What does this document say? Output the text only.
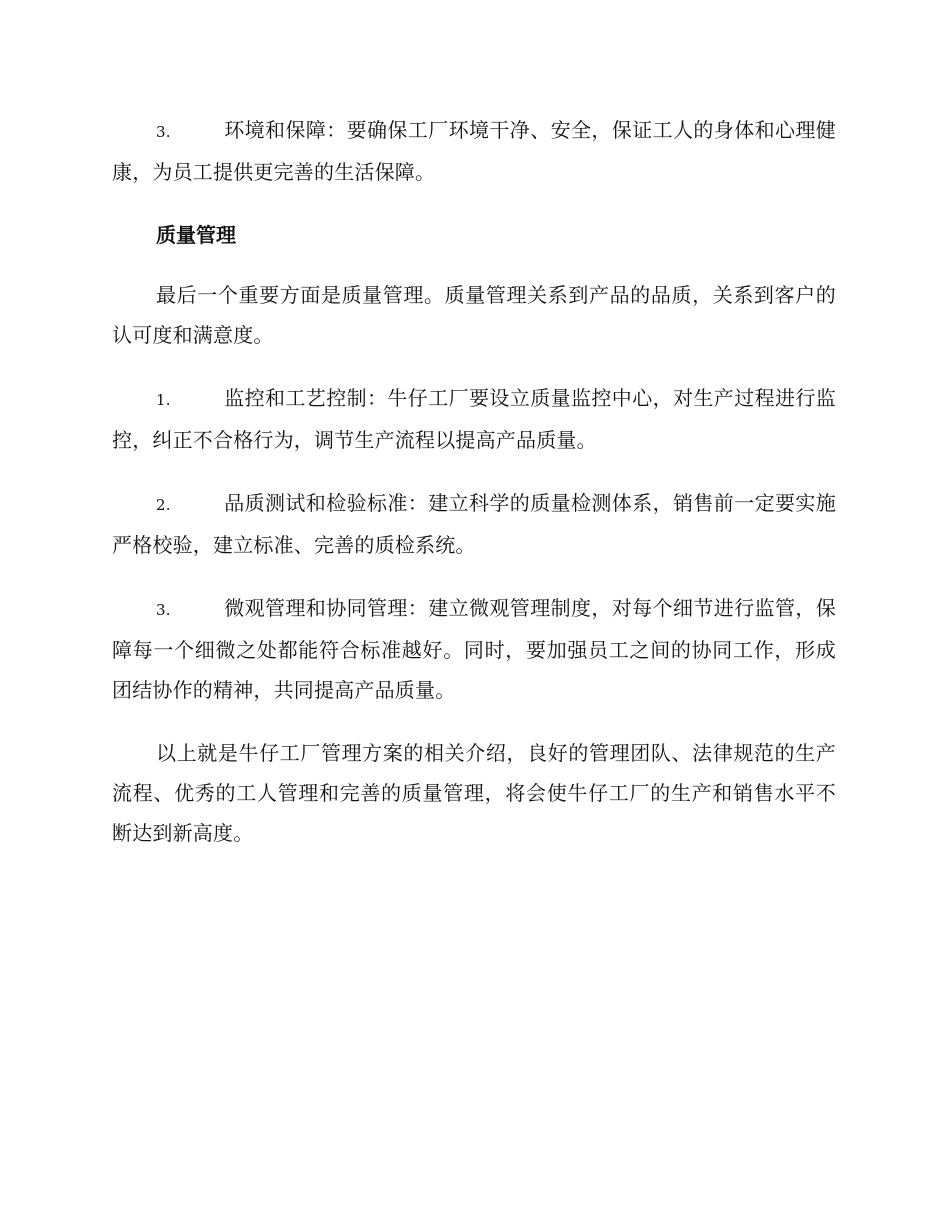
3.	环境和保障：要确保工厂环境干净、安全，保证工人的身体和心理健康，为员工提供更完善的生活保障。

质量管理

最后一个重要方面是质量管理。质量管理关系到产品的品质，关系到客户的认可度和满意度。

1.	监控和工艺控制：牛仔工厂要设立质量监控中心，对生产过程进行监控，纠正不合格行为，调节生产流程以提高产品质量。

2.	品质测试和检验标准：建立科学的质量检测体系，销售前一定要实施严格校验，建立标准、完善的质检系统。

3.	微观管理和协同管理：建立微观管理制度，对每个细节进行监管，保障每一个细微之处都能符合标准越好。同时，要加强员工之间的协同工作，形成团结协作的精神，共同提高产品质量。

以上就是牛仔工厂管理方案的相关介绍，良好的管理团队、法律规范的生产流程、优秀的工人管理和完善的质量管理，将会使牛仔工厂的生产和销售水平不断达到新高度。
